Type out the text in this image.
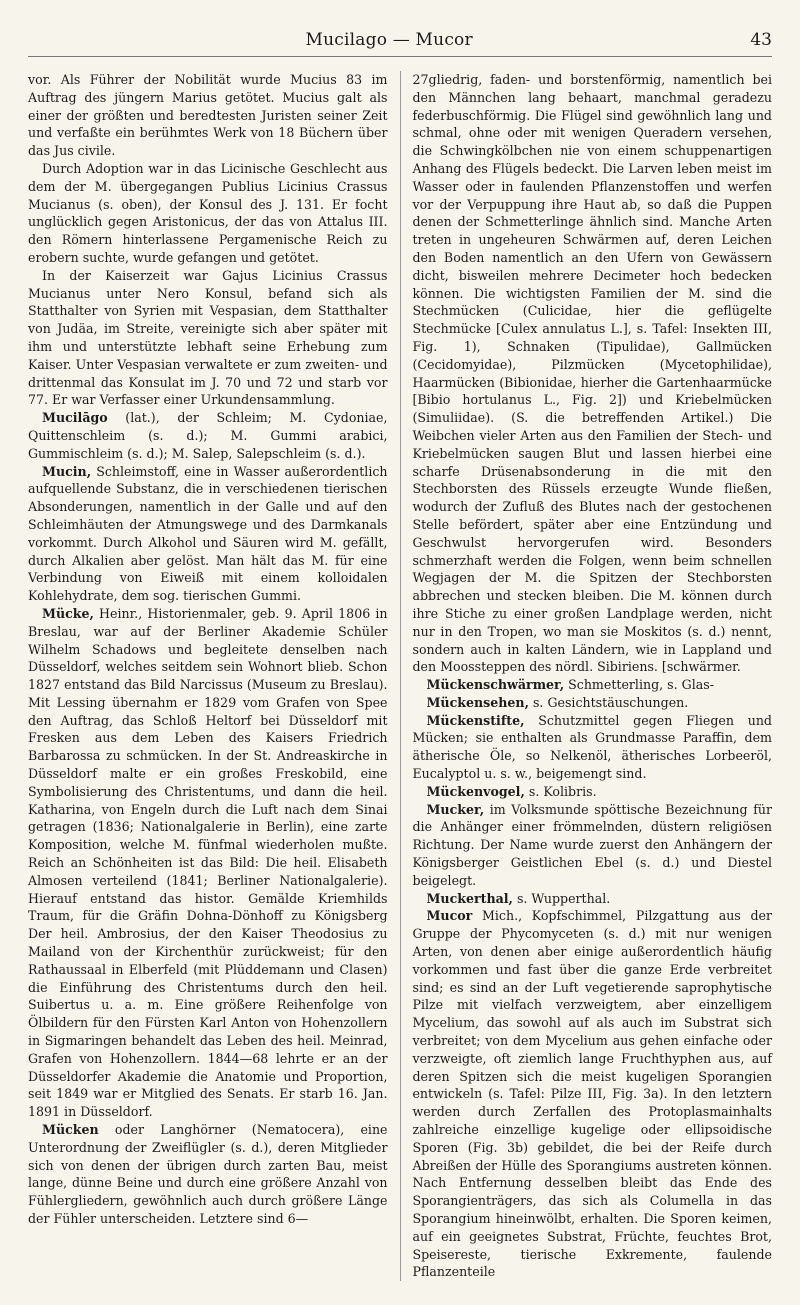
Mucilago — Mucor	43

vor. Als Führer der Nobilität wurde Mucius 83 im Auftrag des jüngern Marius getötet. Mucius galt als einer der größten und beredtesten Juristen seiner Zeit und verfaßte ein berühmtes Werk von 18 Büchern über das Jus civile.

Durch Adoption war in das Licinische Geschlecht aus dem der M. übergegangen Publius Licinius Crassus Mucianus (s. oben), der Konsul des J. 131. Er focht unglücklich gegen Aristonicus, der das von Attalus III. den Römern hinterlassene Pergamenische Reich zu erobern suchte, wurde gefangen und getötet.

In der Kaiserzeit war Gajus Licinius Crassus Mucianus unter Nero Konsul, befand sich als Statthalter von Syrien mit Vespasian, dem Statthalter von Judäa, im Streite, vereinigte sich aber später mit ihm und unterstützte lebhaft seine Erhebung zum Kaiser. Unter Vespasian verwaltete er zum zweiten- und drittenmal das Konsulat im J. 70 und 72 und starb vor 77. Er war Verfasser einer Urkundensammlung.

Mucilāgo (lat.), der Schleim; M. Cydoniae, Quittenschleim (s. d.); M. Gummi arabici, Gummischleim (s. d.); M. Salep, Salepschleim (s. d.).

Mucin, Schleimstoff, eine in Wasser außerordentlich aufquellende Substanz, die in verschiedenen tierischen Absonderungen, namentlich in der Galle und auf den Schleimhäuten der Atmungswege und des Darmkanals vorkommt. Durch Alkohol und Säuren wird M. gefällt, durch Alkalien aber gelöst. Man hält das M. für eine Verbindung von Eiweiß mit einem kolloidalen Kohlehydrate, dem sog. tierischen Gummi.

Mücke, Heinr., Historienmaler, geb. 9. April 1806 in Breslau, war auf der Berliner Akademie Schüler Wilhelm Schadows und begleitete denselben nach Düsseldorf, welches seitdem sein Wohnort blieb. Schon 1827 entstand das Bild Narcissus (Museum zu Breslau). Mit Lessing übernahm er 1829 vom Grafen von Spee den Auftrag, das Schloß Heltorf bei Düsseldorf mit Fresken aus dem Leben des Kaisers Friedrich Barbarossa zu schmücken. In der St. Andreaskirche in Düsseldorf malte er ein großes Freskobild, eine Symbolisierung des Christentums, und dann die heil. Katharina, von Engeln durch die Luft nach dem Sinai getragen (1836; Nationalgalerie in Berlin), eine zarte Komposition, welche M. fünfmal wiederholen mußte. Reich an Schönheiten ist das Bild: Die heil. Elisabeth Almosen verteilend (1841; Berliner Nationalgalerie). Hierauf entstand das histor. Gemälde Kriemhilds Traum, für die Gräfin Dohna-Dönhoff zu Königsberg Der heil. Ambrosius, der den Kaiser Theodosius zu Mailand von der Kirchenthür zurückweist; für den Rathaussaal in Elberfeld (mit Plüddemann und Clasen) die Einführung des Christentums durch den heil. Suibertus u. a. m. Eine größere Reihenfolge von Ölbildern für den Fürsten Karl Anton von Hohenzollern in Sigmaringen behandelt das Leben des heil. Meinrad, Grafen von Hohenzollern. 1844—68 lehrte er an der Düsseldorfer Akademie die Anatomie und Proportion, seit 1849 war er Mitglied des Senats. Er starb 16. Jan. 1891 in Düsseldorf.

Mücken oder Langhörner (Nematocera), eine Unterordnung der Zweiflügler (s. d.), deren Mitglieder sich von denen der übrigen durch zarten Bau, meist lange, dünne Beine und durch eine größere Anzahl von Fühlergliedern, gewöhnlich auch durch größere Länge der Fühler unterscheiden. Letztere sind 6—

27gliedrig, faden- und borstenförmig, namentlich bei den Männchen lang behaart, manchmal geradezu federbuschförmig. Die Flügel sind gewöhnlich lang und schmal, ohne oder mit wenigen Queradern versehen, die Schwingkölbchen nie von einem schuppenartigen Anhang des Flügels bedeckt. Die Larven leben meist im Wasser oder in faulenden Pflanzenstoffen und werfen vor der Verpuppung ihre Haut ab, so daß die Puppen denen der Schmetterlinge ähnlich sind. Manche Arten treten in ungeheuren Schwärmen auf, deren Leichen den Boden namentlich an den Ufern von Gewässern dicht, bisweilen mehrere Decimeter hoch bedecken können. Die wichtigsten Familien der M. sind die Stechmücken (Culicidae, hier die geflügelte Stechmücke [Culex annulatus L.], s. Tafel: Insekten III, Fig. 1), Schnaken (Tipulidae), Gallmücken (Cecidomyidae), Pilzmücken (Mycetophilidae), Haarmücken (Bibionidae, hierher die Gartenhaarmücke [Bibio hortulanus L., Fig. 2]) und Kriebelmücken (Simuliidae). (S. die betreffenden Artikel.) Die Weibchen vieler Arten aus den Familien der Stech- und Kriebelmücken saugen Blut und lassen hierbei eine scharfe Drüsenabsonderung in die mit den Stechborsten des Rüssels erzeugte Wunde fließen, wodurch der Zufluß des Blutes nach der gestochenen Stelle befördert, später aber eine Entzündung und Geschwulst hervorgerufen wird. Besonders schmerzhaft werden die Folgen, wenn beim schnellen Wegjagen der M. die Spitzen der Stechborsten abbrechen und stecken bleiben. Die M. können durch ihre Stiche zu einer großen Landplage werden, nicht nur in den Tropen, wo man sie Moskitos (s. d.) nennt, sondern auch in kalten Ländern, wie in Lappland und den Moossteppen des nördl. Sibiriens. [schwärmer.

Mückenschwärmer, Schmetterling, s. Glas-

Mückensehen, s. Gesichtstäuschungen.

Mückenstifte, Schutzmittel gegen Fliegen und Mücken; sie enthalten als Grundmasse Paraffin, dem ätherische Öle, so Nelkenöl, ätherisches Lorbeeröl, Eucalyptol u. s. w., beigemengt sind.

Mückenvogel, s. Kolibris.

Mucker, im Volksmunde spöttische Bezeichnung für die Anhänger einer frömmelnden, düstern religiösen Richtung. Der Name wurde zuerst den Anhängern der Königsberger Geistlichen Ebel (s. d.) und Diestel beigelegt.

Muckerthal, s. Wupperthal.

Mucor Mich., Kopfschimmel, Pilzgattung aus der Gruppe der Phycomyceten (s. d.) mit nur wenigen Arten, von denen aber einige außerordentlich häufig vorkommen und fast über die ganze Erde verbreitet sind; es sind an der Luft vegetierende saprophytische Pilze mit vielfach verzweigtem, aber einzelligem Mycelium, das sowohl auf als auch im Substrat sich verbreitet; von dem Mycelium aus gehen einfache oder verzweigte, oft ziemlich lange Fruchthyphen aus, auf deren Spitzen sich die meist kugeligen Sporangien entwickeln (s. Tafel: Pilze III, Fig. 3a). In den letztern werden durch Zerfallen des Protoplasmainhalts zahlreiche einzellige kugelige oder ellipsoidische Sporen (Fig. 3b) gebildet, die bei der Reife durch Abreißen der Hülle des Sporangiums austreten können. Nach Entfernung desselben bleibt das Ende des Sporangienträgers, das sich als Columella in das Sporangium hineinwölbt, erhalten. Die Sporen keimen, auf ein geeignetes Substrat, Früchte, feuchtes Brot, Speisereste, tierische Exkremente, faulende Pflanzenteile
